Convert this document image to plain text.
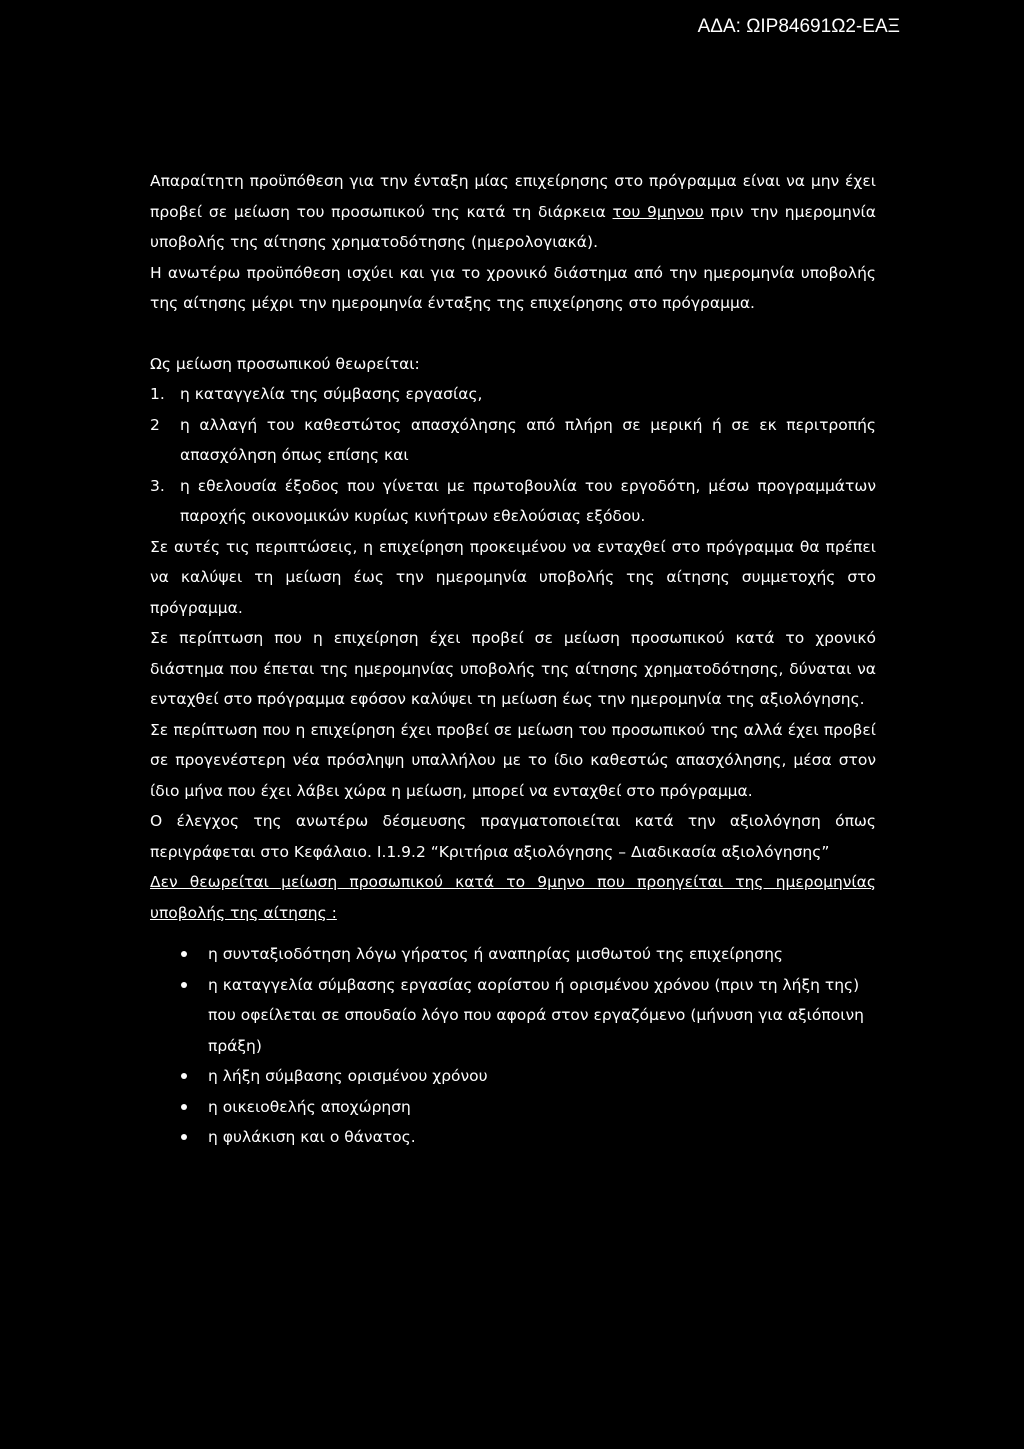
ΑΔΑ: ΩΙΡ84691Ω2-ΕΑΞ

Απαραίτητη προϋπόθεση για την ένταξη μίας επιχείρησης στο πρόγραμμα είναι να μην έχει προβεί σε μείωση του προσωπικού της κατά τη διάρκεια του 9μηνου πριν την ημερομηνία υποβολής της αίτησης χρηματοδότησης (ημερολογιακά).

Η ανωτέρω προϋπόθεση ισχύει και για το χρονικό διάστημα από την ημερομηνία υποβολής της αίτησης μέχρι την ημερομηνία ένταξης της επιχείρησης στο πρόγραμμα.

Ως μείωση προσωπικού θεωρείται:

1. η καταγγελία της σύμβασης εργασίας,
2	η αλλαγή του καθεστώτος απασχόλησης από πλήρη σε μερική ή σε εκ περιτροπής απασχόληση όπως επίσης και
3. η εθελουσία έξοδος που γίνεται με πρωτοβουλία του εργοδότη, μέσω προγραμμάτων παροχής οικονομικών κυρίως κινήτρων εθελούσιας εξόδου.

Σε αυτές τις περιπτώσεις, η επιχείρηση προκειμένου να ενταχθεί στο πρόγραμμα θα πρέπει να καλύψει τη μείωση έως την ημερομηνία υποβολής της αίτησης συμμετοχής στο πρόγραμμα.

Σε περίπτωση που η επιχείρηση έχει προβεί σε μείωση προσωπικού κατά το χρονικό διάστημα που έπεται της ημερομηνίας υποβολής της αίτησης χρηματοδότησης, δύναται να ενταχθεί στο πρόγραμμα εφόσον καλύψει τη μείωση έως την ημερομηνία της αξιολόγησης.

Σε περίπτωση που η επιχείρηση έχει προβεί σε μείωση του προσωπικού της αλλά έχει προβεί σε προγενέστερη νέα πρόσληψη υπαλλήλου με το ίδιο καθεστώς απασχόλησης, μέσα στον ίδιο μήνα που έχει λάβει χώρα η μείωση, μπορεί να ενταχθεί στο πρόγραμμα.

Ο έλεγχος της ανωτέρω δέσμευσης πραγματοποιείται κατά την αξιολόγηση όπως περιγράφεται στο Κεφάλαιο. Ι.1.9.2 “Κριτήρια αξιολόγησης – Διαδικασία αξιολόγησης”

Δεν θεωρείται μείωση προσωπικού κατά το 9μηνο που προηγείται της ημερομηνίας υποβολής της αίτησης :

η συνταξιοδότηση λόγω γήρατος ή αναπηρίας μισθωτού της επιχείρησης
η καταγγελία σύμβασης εργασίας αορίστου ή ορισμένου χρόνου (πριν τη λήξη της) που οφείλεται σε σπουδαίο λόγο που αφορά στον εργαζόμενο (μήνυση για αξιόποινη πράξη)
η λήξη σύμβασης ορισμένου χρόνου
η οικειοθελής αποχώρηση
η φυλάκιση και ο θάνατος.
